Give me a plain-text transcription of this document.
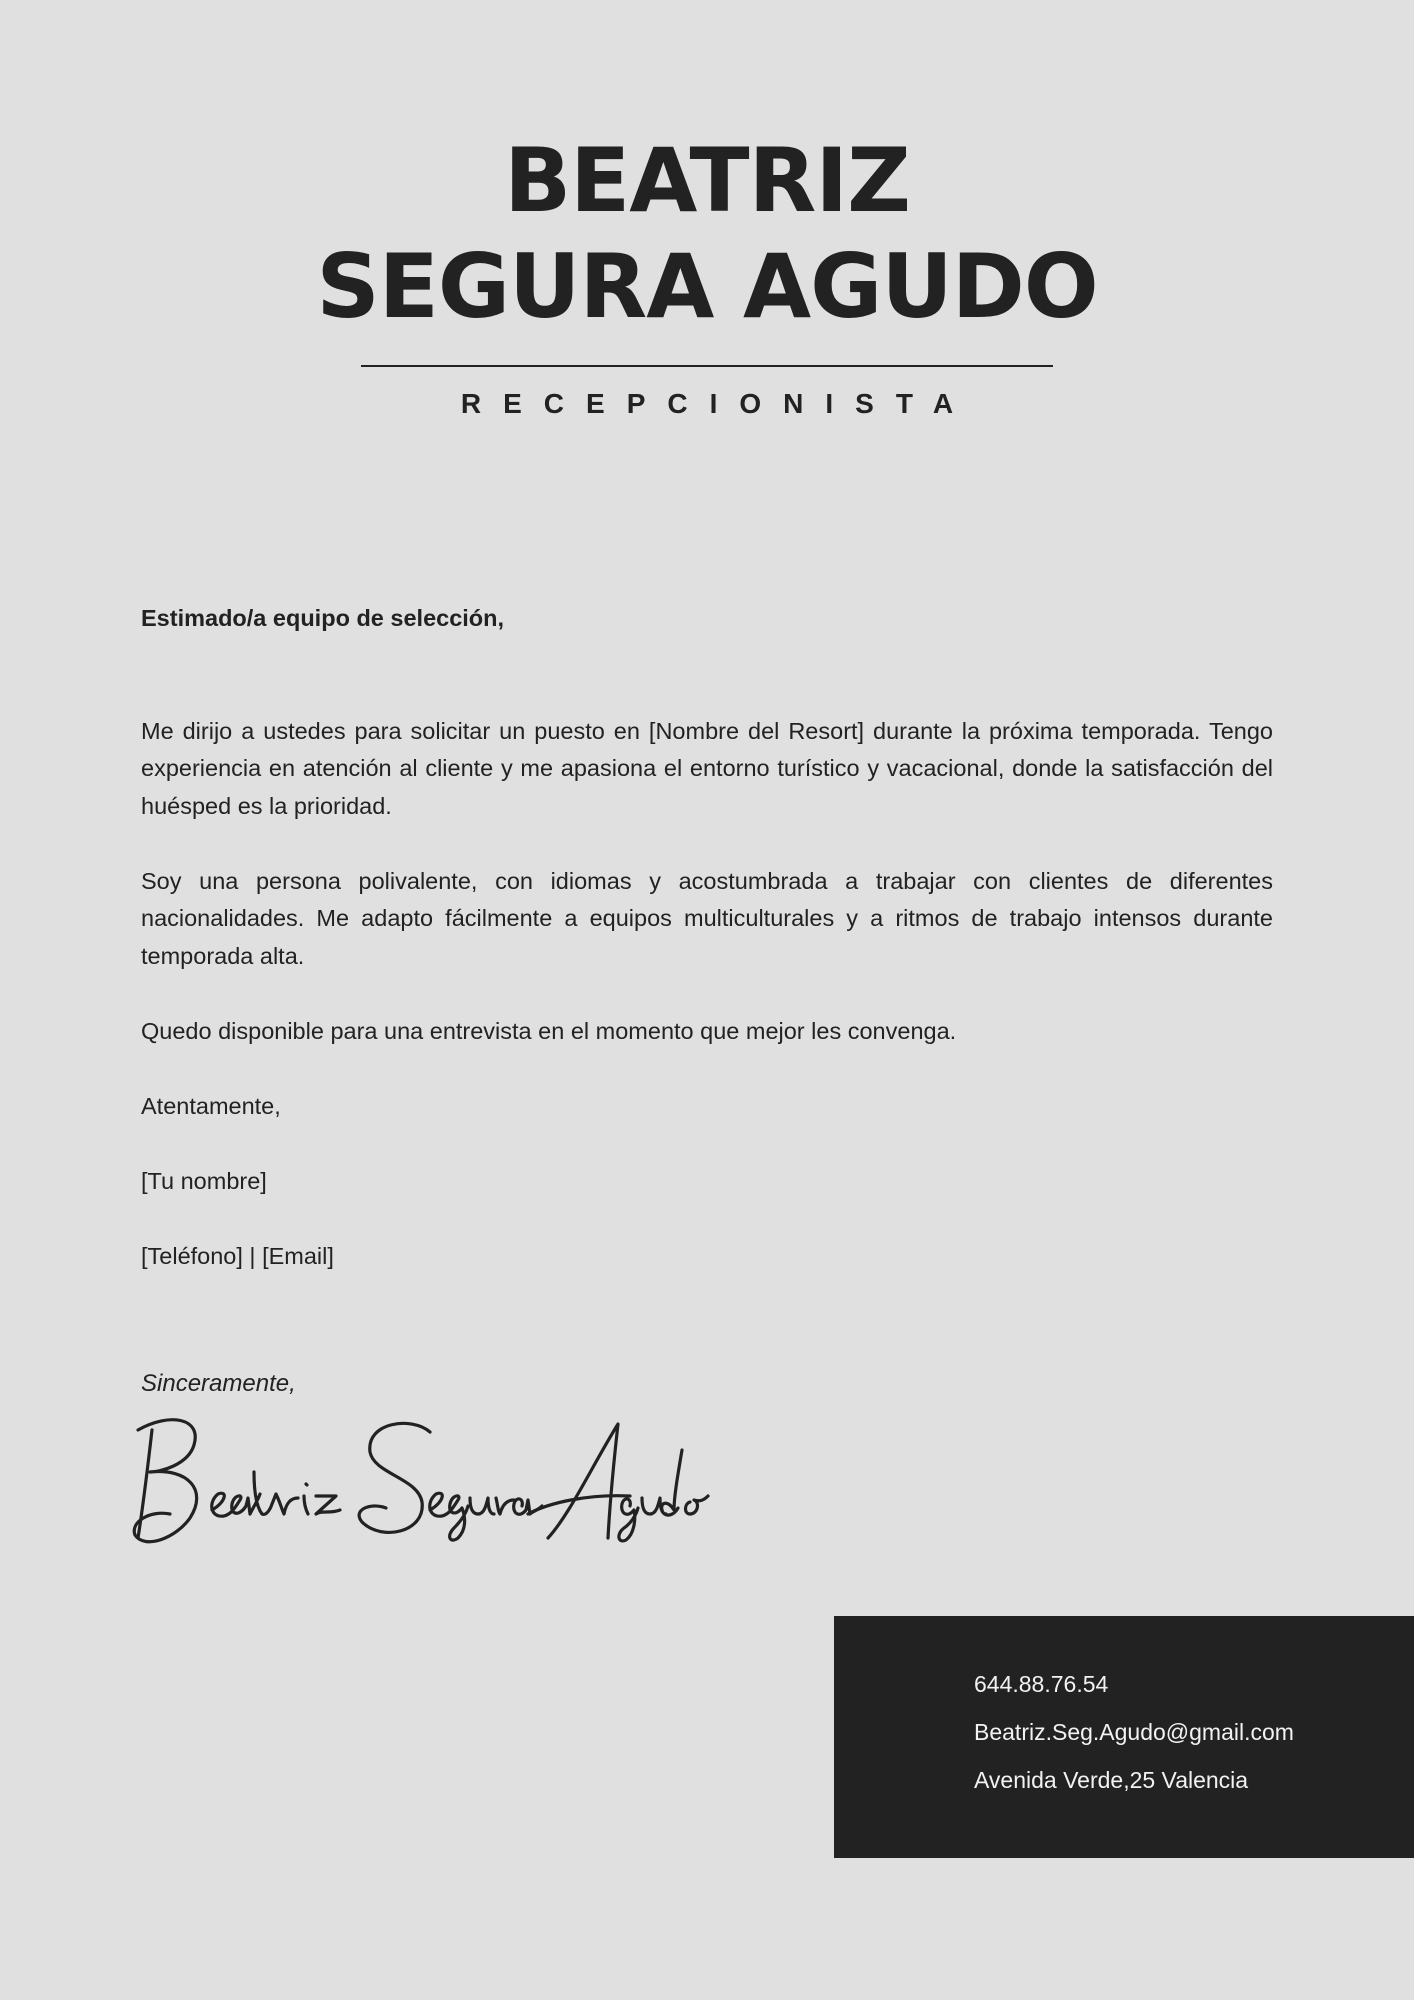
BEATRIZ
SEGURA AGUDO
RECEPCIONISTA

Estimado/a equipo de selección,

Me dirijo a ustedes para solicitar un puesto en [Nombre del Resort] durante la próxima temporada. Tengo experiencia en atención al cliente y me apasiona el entorno turístico y vacacional, donde la satisfacción del huésped es la prioridad.

Soy una persona polivalente, con idiomas y acostumbrada a trabajar con clientes de diferentes nacionalidades. Me adapto fácilmente a equipos multiculturales y a ritmos de trabajo intensos durante temporada alta.

Quedo disponible para una entrevista en el momento que mejor les convenga.

Atentamente,

[Tu nombre]

[Teléfono] | [Email]

Sinceramente,
644.88.76.54
Beatriz.Seg.Agudo@gmail.com
Avenida Verde,25 Valencia
